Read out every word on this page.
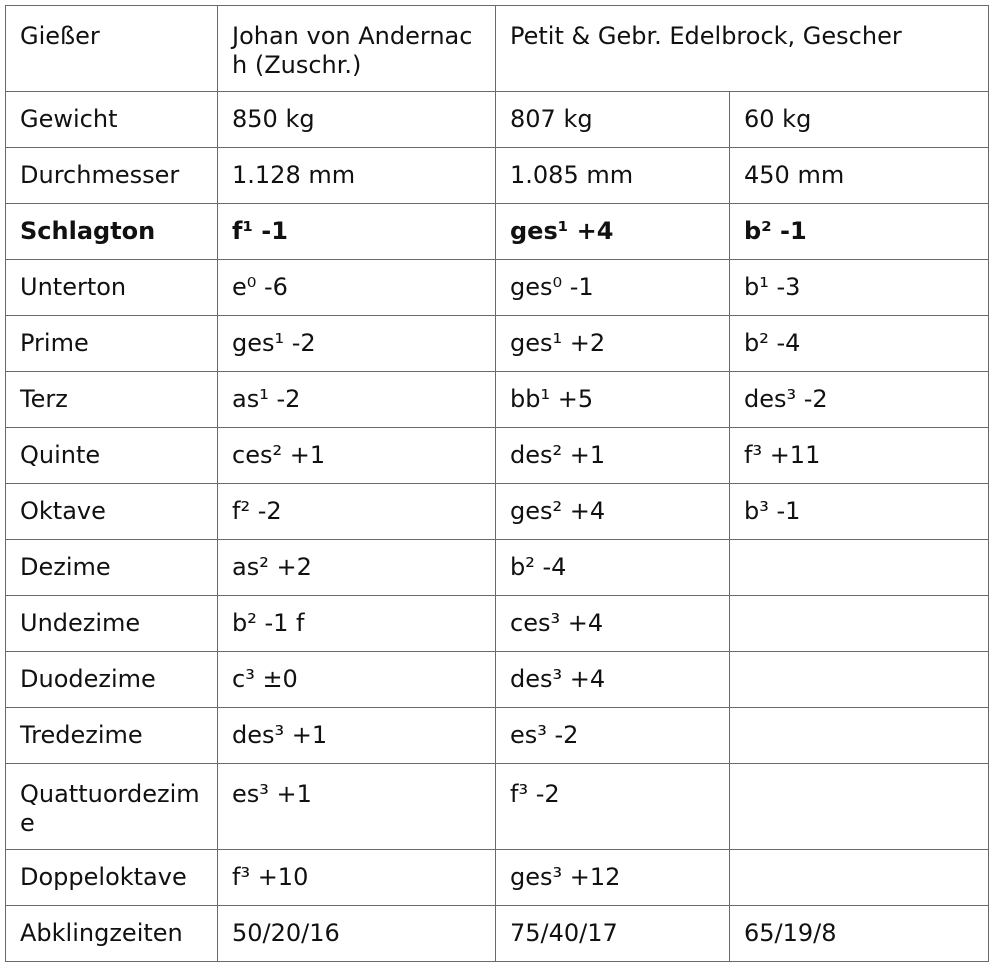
Gießer	Johan von Andernach (Zuschr.)	Petit & Gebr. Edelbrock, Gescher	
Gewicht	850 kg	807 kg	60 kg
Durchmesser	1.128 mm	1.085 mm	450 mm
Schlagton	f¹ -1	ges¹ +4	b² -1
Unterton	e⁰ -6	ges⁰ -1	b¹ -3
Prime	ges¹ -2	ges¹ +2	b² -4
Terz	as¹ -2	bb¹ +5	des³ -2
Quinte	ces² +1	des² +1	f³ +11
Oktave	f² -2	ges² +4	b³ -1
Dezime	as² +2	b² -4	
Undezime	b² -1 f	ces³ +4	
Duodezime	c³ ±0	des³ +4	
Tredezime	des³ +1	es³ -2	
Quattuordezime	es³ +1	f³ -2	
Doppeloktave	f³ +10	ges³ +12	
Abklingzeiten	50/20/16	75/40/17	65/19/8
